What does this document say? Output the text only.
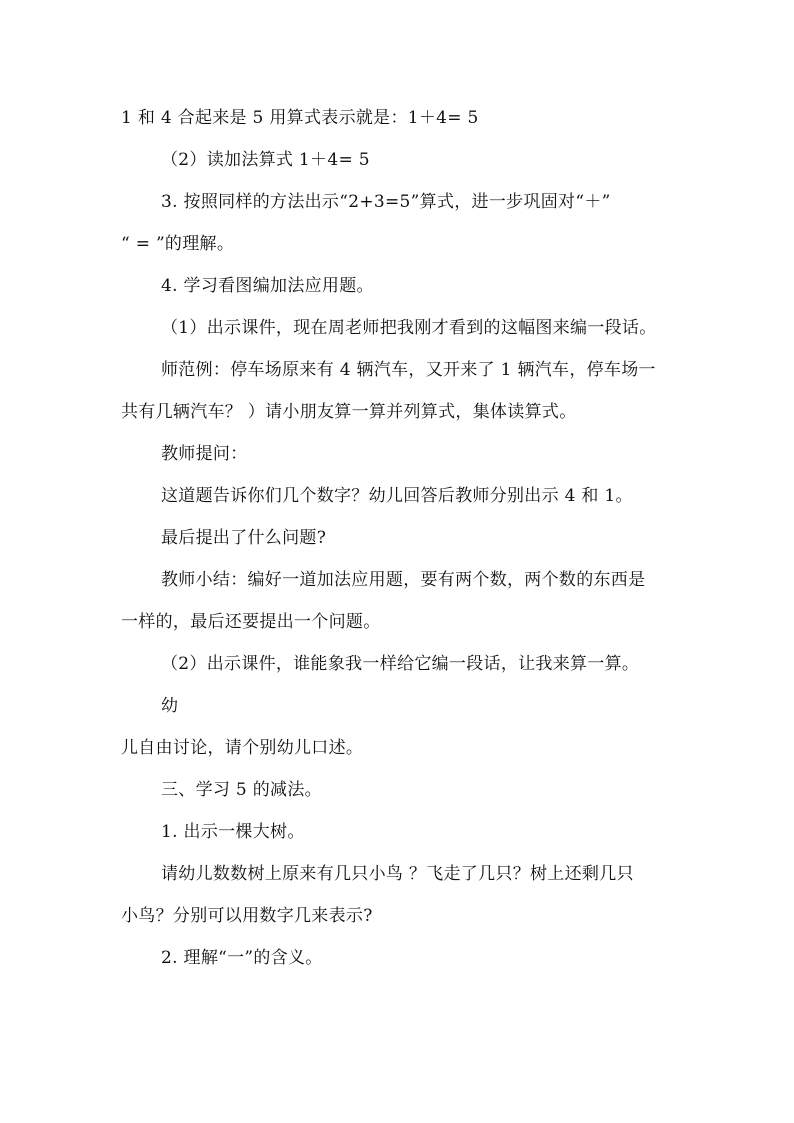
1 和 4 合起来是 5 用算式表示就是：1＋4= 5
（2）读加法算式 1＋4= 5
3. 按照同样的方法出示“2+3=5”算式，进一步巩固对“＋”
“ = ”的理解。
4. 学习看图编加法应用题。
（1）出示课件，现在周老师把我刚才看到的这幅图来编一段话。
师范例：停车场原来有 4 辆汽车，又开来了 1 辆汽车，停车场一
共有几辆汽车？ ）请小朋友算一算并列算式，集体读算式。
教师提问：
这道题告诉你们几个数字？幼儿回答后教师分别出示 4 和 1。
最后提出了什么问题?
教师小结：编好一道加法应用题，要有两个数，两个数的东西是
一样的，最后还要提出一个问题。
（2）出示课件，谁能象我一样给它编一段话，让我来算一算。
幼
儿自由讨论，请个别幼儿口述。
三、学习 5 的减法。
1. 出示一棵大树。
请幼儿数数树上原来有几只小鸟 ？飞走了几只？树上还剩几只
小鸟？分别可以用数字几来表示?
2. 理解“一”的含义。
